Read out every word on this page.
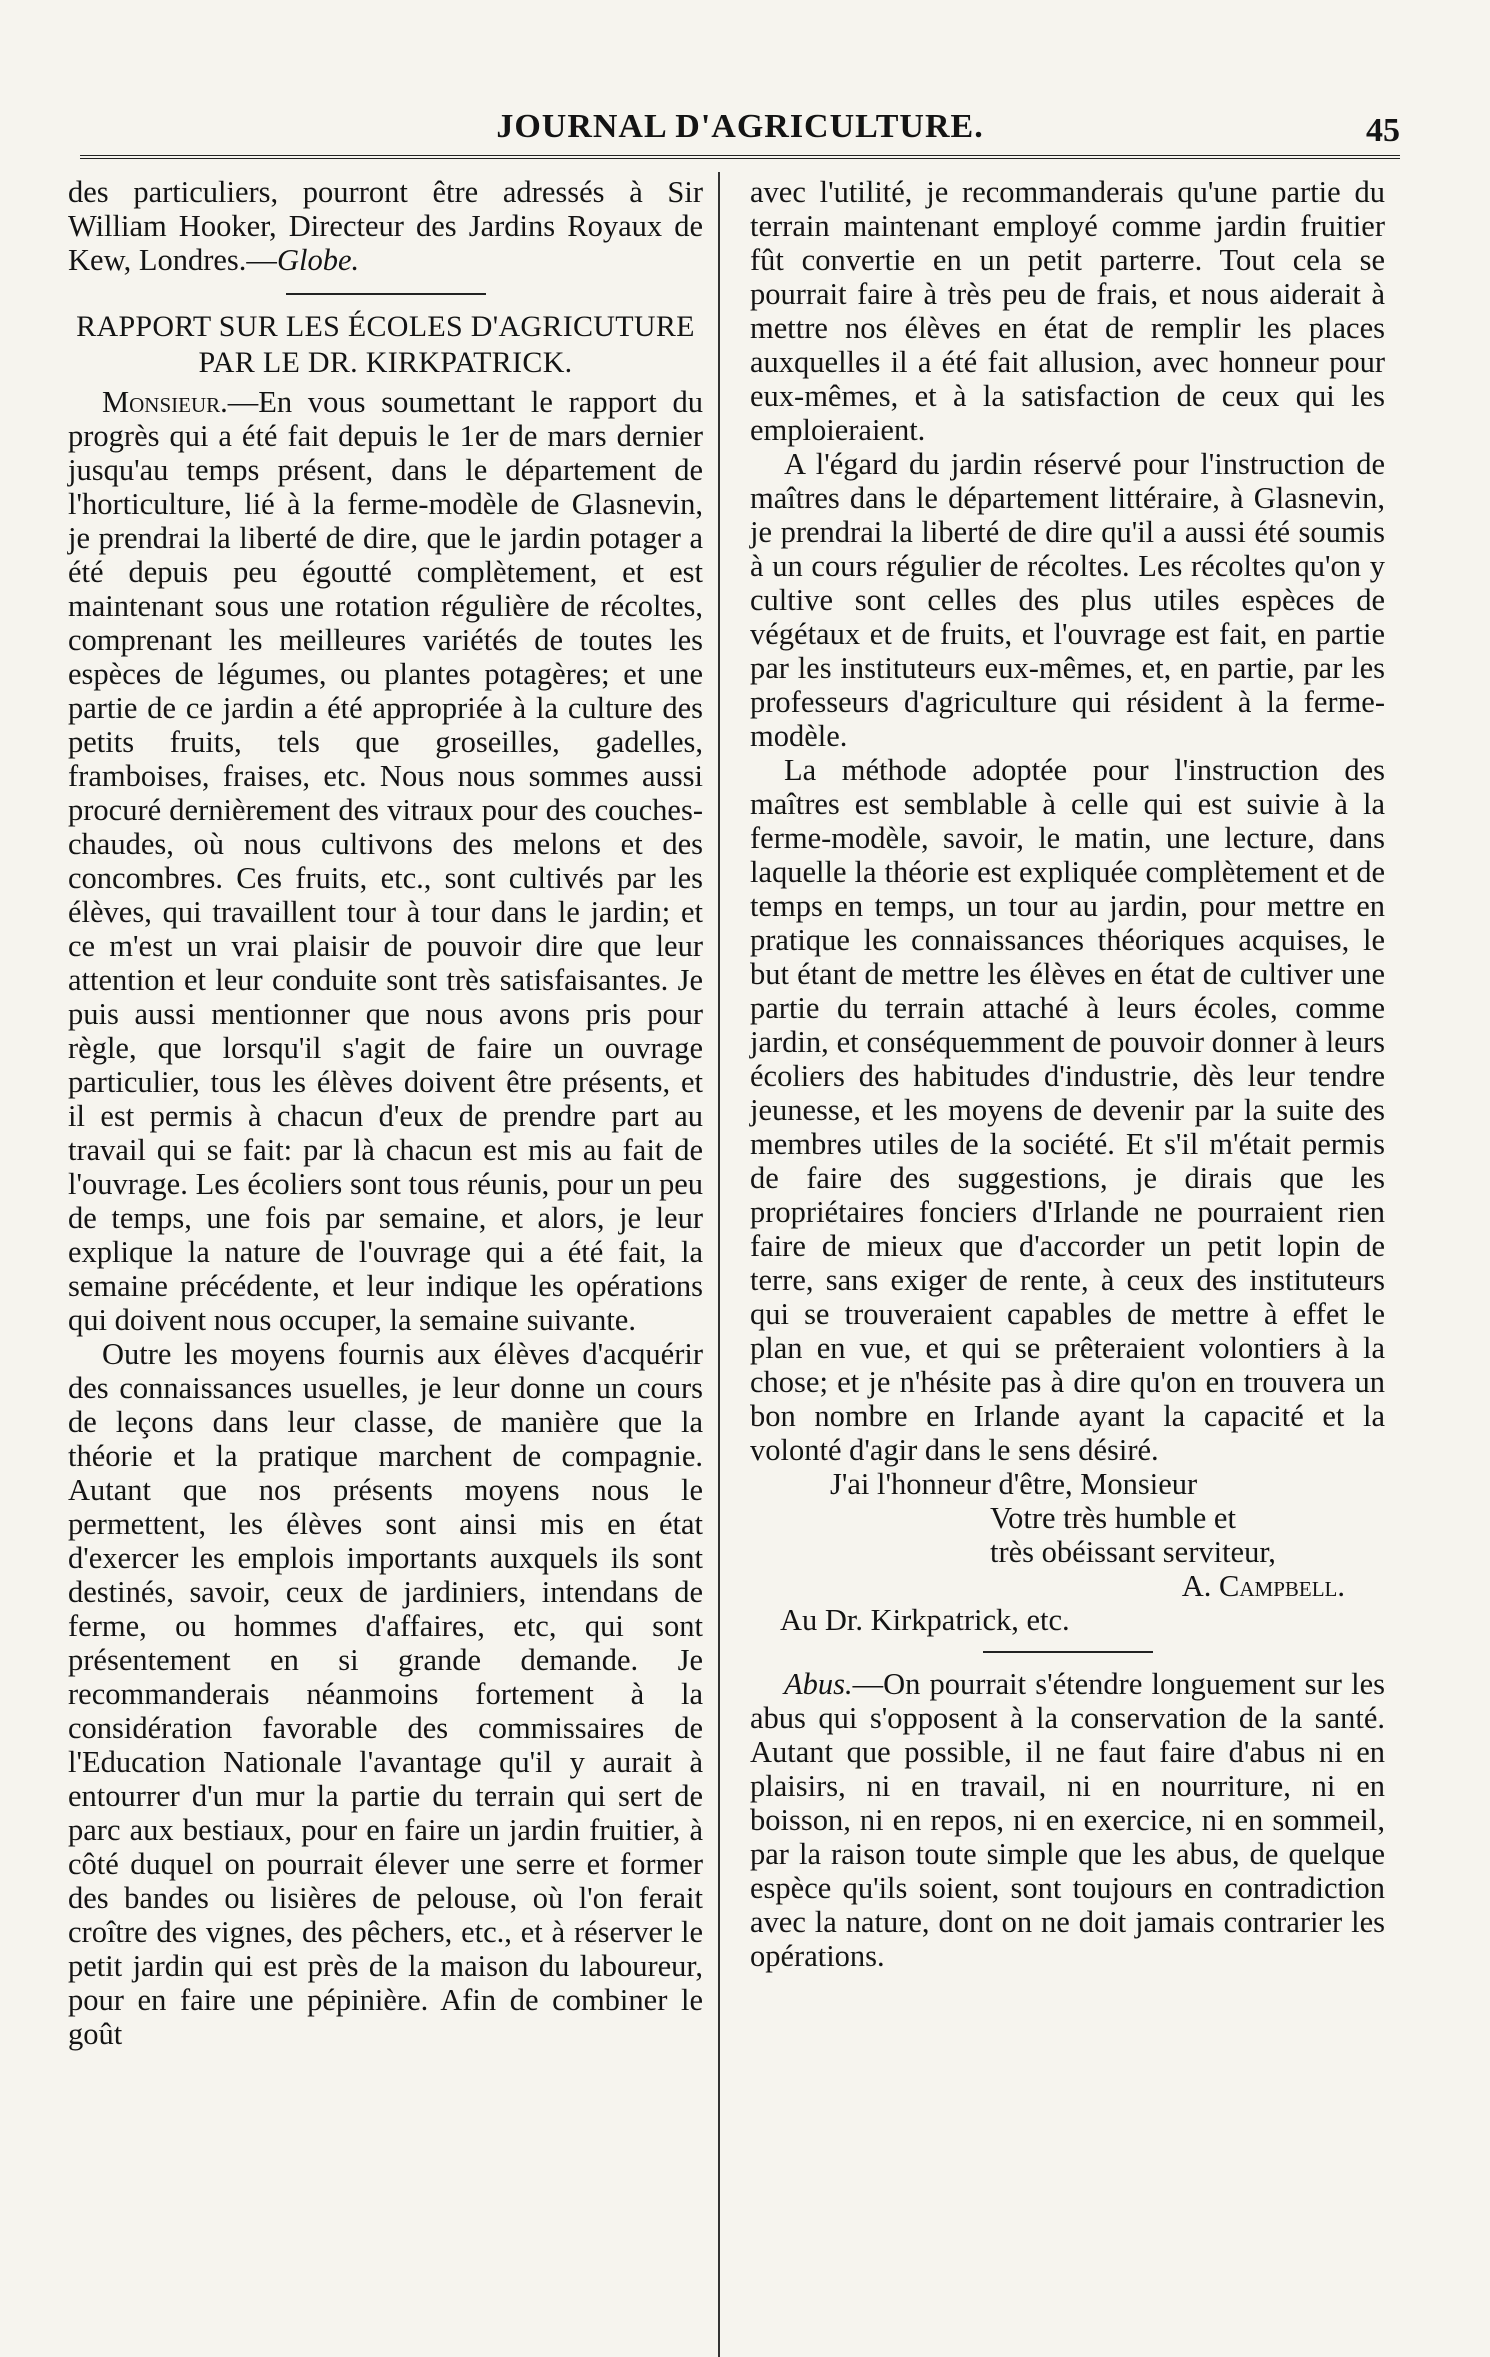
JOURNAL D'AGRICULTURE.	45

des particuliers, pourront être adressés à Sir William Hooker, Directeur des Jardins Royaux de Kew, Londres.—Globe.

RAPPORT SUR LES ÉCOLES D'AGRICUTURE
PAR LE DR. KIRKPATRICK.

Monsieur.—En vous soumettant le rapport du progrès qui a été fait depuis le 1er de mars dernier jusqu'au temps présent, dans le département de l'horticulture, lié à la ferme-modèle de Glasnevin, je prendrai la liberté de dire, que le jardin potager a été depuis peu égoutté complètement, et est maintenant sous une rotation régulière de récoltes, comprenant les meilleures variétés de toutes les espèces de légumes, ou plantes potagères; et une partie de ce jardin a été appropriée à la culture des petits fruits, tels que groseilles, gadelles, framboises, fraises, etc. Nous nous sommes aussi procuré dernièrement des vitraux pour des couches-chaudes, où nous cultivons des melons et des concombres. Ces fruits, etc., sont cultivés par les élèves, qui travaillent tour à tour dans le jardin; et ce m'est un vrai plaisir de pouvoir dire que leur attention et leur conduite sont très satisfaisantes. Je puis aussi mentionner que nous avons pris pour règle, que lorsqu'il s'agit de faire un ouvrage particulier, tous les élèves doivent être présents, et il est permis à chacun d'eux de prendre part au travail qui se fait: par là chacun est mis au fait de l'ouvrage. Les écoliers sont tous réunis, pour un peu de temps, une fois par semaine, et alors, je leur explique la nature de l'ouvrage qui a été fait, la semaine précédente, et leur indique les opérations qui doivent nous occuper, la semaine suivante.

Outre les moyens fournis aux élèves d'acquérir des connaissances usuelles, je leur donne un cours de leçons dans leur classe, de manière que la théorie et la pratique marchent de compagnie. Autant que nos présents moyens nous le permettent, les élèves sont ainsi mis en état d'exercer les emplois importants auxquels ils sont destinés, savoir, ceux de jardiniers, intendans de ferme, ou hommes d'affaires, etc, qui sont présentement en si grande demande. Je recommanderais néanmoins fortement à la considération favorable des commissaires de l'Education Nationale l'avantage qu'il y aurait à entourrer d'un mur la partie du terrain qui sert de parc aux bestiaux, pour en faire un jardin fruitier, à côté duquel on pourrait élever une serre et former des bandes ou lisières de pelouse, où l'on ferait croître des vignes, des pêchers, etc., et à réserver le petit jardin qui est près de la maison du laboureur, pour en faire une pépinière. Afin de combiner le goût

avec l'utilité, je recommanderais qu'une partie du terrain maintenant employé comme jardin fruitier fût convertie en un petit parterre. Tout cela se pourrait faire à très peu de frais, et nous aiderait à mettre nos élèves en état de remplir les places auxquelles il a été fait allusion, avec honneur pour eux-mêmes, et à la satisfaction de ceux qui les emploieraient.

A l'égard du jardin réservé pour l'instruction de maîtres dans le département littéraire, à Glasnevin, je prendrai la liberté de dire qu'il a aussi été soumis à un cours régulier de récoltes. Les récoltes qu'on y cultive sont celles des plus utiles espèces de végétaux et de fruits, et l'ouvrage est fait, en partie par les instituteurs eux-mêmes, et, en partie, par les professeurs d'agriculture qui résident à la ferme-modèle.

La méthode adoptée pour l'instruction des maîtres est semblable à celle qui est suivie à la ferme-modèle, savoir, le matin, une lecture, dans laquelle la théorie est expliquée complètement et de temps en temps, un tour au jardin, pour mettre en pratique les connaissances théoriques acquises, le but étant de mettre les élèves en état de cultiver une partie du terrain attaché à leurs écoles, comme jardin, et conséquemment de pouvoir donner à leurs écoliers des habitudes d'industrie, dès leur tendre jeunesse, et les moyens de devenir par la suite des membres utiles de la société. Et s'il m'était permis de faire des suggestions, je dirais que les propriétaires fonciers d'Irlande ne pourraient rien faire de mieux que d'accorder un petit lopin de terre, sans exiger de rente, à ceux des instituteurs qui se trouveraient capables de mettre à effet le plan en vue, et qui se prêteraient volontiers à la chose; et je n'hésite pas à dire qu'on en trouvera un bon nombre en Irlande ayant la capacité et la volonté d'agir dans le sens désiré.

J'ai l'honneur d'être, Monsieur

Votre très humble et

très obéissant serviteur,

A. Campbell.

Au Dr. Kirkpatrick, etc.

Abus.—On pourrait s'étendre longuement sur les abus qui s'opposent à la conservation de la santé. Autant que possible, il ne faut faire d'abus ni en plaisirs, ni en travail, ni en nourriture, ni en boisson, ni en repos, ni en exercice, ni en sommeil, par la raison toute simple que les abus, de quelque espèce qu'ils soient, sont toujours en contradiction avec la nature, dont on ne doit jamais contrarier les opérations.
